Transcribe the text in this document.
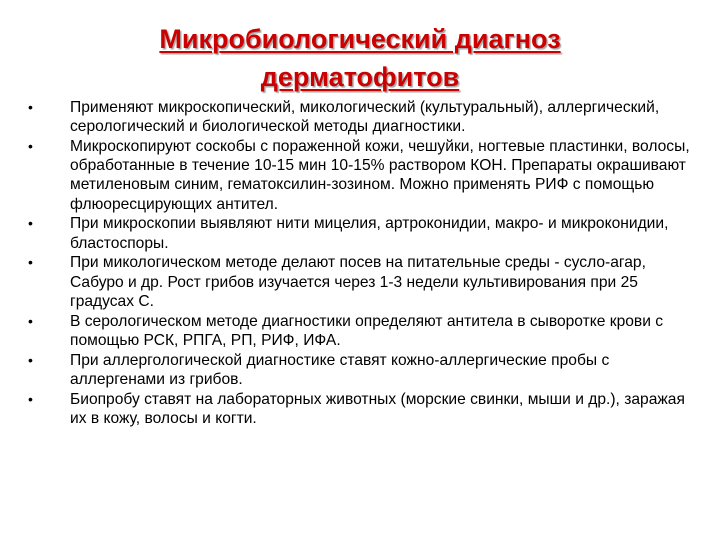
Микробиологический диагноз
дерматофитов
•	Применяют микроскопический, микологический (культуральный), аллергический, серологический и биологической методы диагностики.
•	Микроскопируют соскобы с пораженной кожи, чешуйки, ногтевые пластинки, волосы, обработанные в течение 10-15 мин 10-15% раствором КОН. Препараты окрашивают метиленовым синим, гематоксилин-зозином. Можно применять РИФ с помощью флюоресцирующих антител.
•	При микроскопии выявляют нити мицелия, артроконидии, макро- и микроконидии, бластоспоры.
•	При микологическом методе делают посев на питательные среды - сусло-агар, Сабуро и др. Рост грибов изучается через 1-3 недели культивирования при 25 градусах С.
•	В серологическом методе диагностики определяют антитела в сыворотке крови с помощью РСК, РПГА, РП, РИФ, ИФА.
•	При аллергологической диагностике ставят кожно-аллергические пробы с аллергенами из грибов.
•	Биопробу ставят на лабораторных животных (морские свинки, мыши и др.), заражая их в кожу, волосы и когти.
